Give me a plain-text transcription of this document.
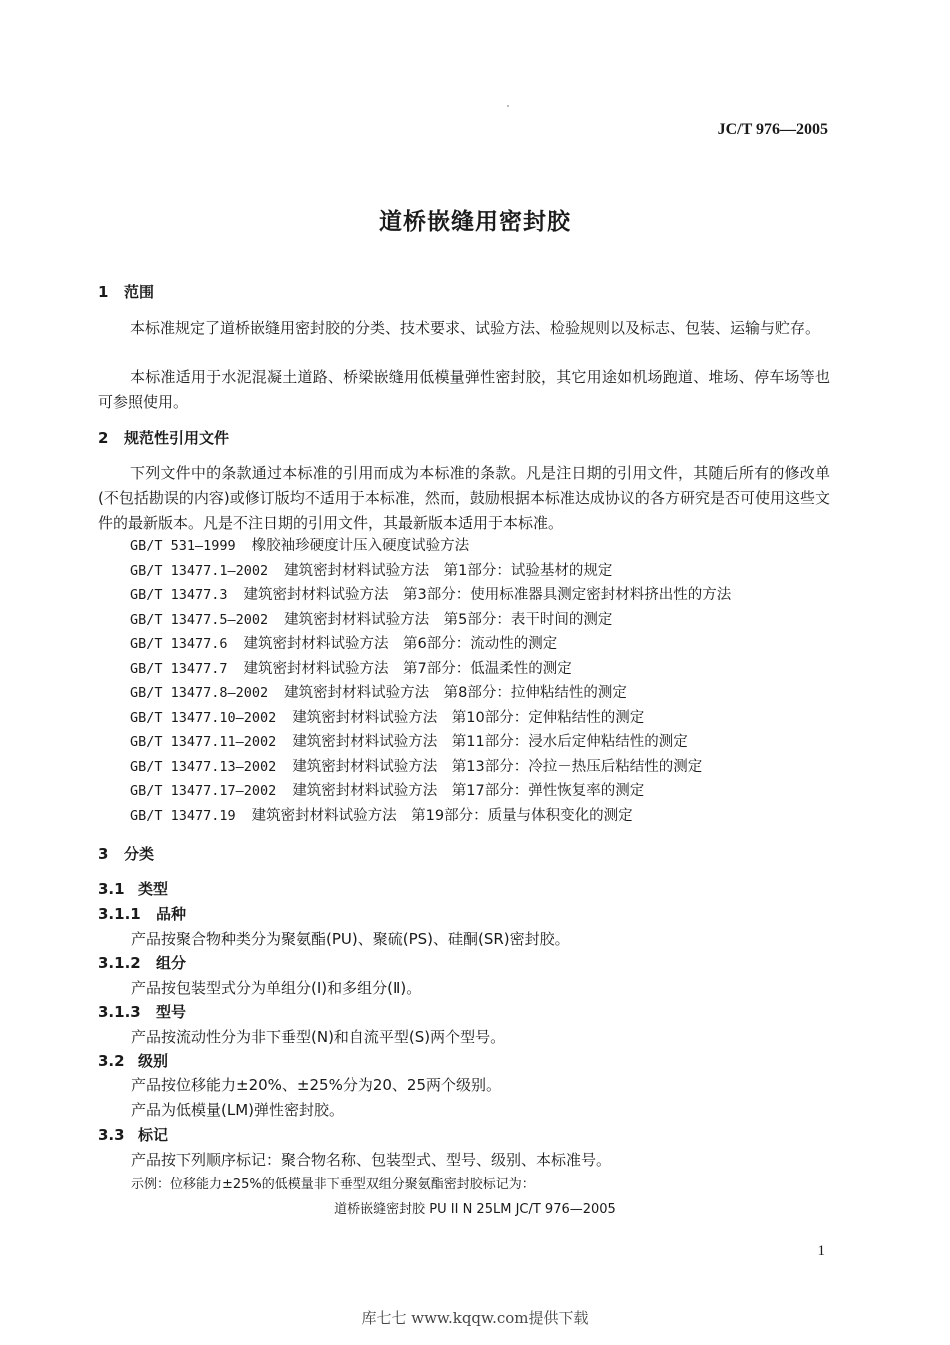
JC/T 976—2005
道桥嵌缝用密封胶
1 范围
本标准规定了道桥嵌缝用密封胶的分类、技术要求、试验方法、检验规则以及标志、包装、运输与贮存。
本标准适用于水泥混凝土道路、桥梁嵌缝用低模量弹性密封胶，其它用途如机场跑道、堆场、停车场等也可参照使用。
2 规范性引用文件
下列文件中的条款通过本标准的引用而成为本标准的条款。凡是注日期的引用文件，其随后所有的修改单(不包括勘误的内容)或修订版均不适用于本标准，然而，鼓励根据本标准达成协议的各方研究是否可使用这些文件的最新版本。凡是不注日期的引用文件，其最新版本适用于本标准。
GB/T 531—1999 橡胶袖珍硬度计压入硬度试验方法
GB/T 13477.1—2002 建筑密封材料试验方法　第1部分：试验基材的规定
GB/T 13477.3 建筑密封材料试验方法　第3部分：使用标准器具测定密封材料挤出性的方法
GB/T 13477.5—2002 建筑密封材料试验方法　第5部分：表干时间的测定
GB/T 13477.6 建筑密封材料试验方法　第6部分：流动性的测定
GB/T 13477.7 建筑密封材料试验方法　第7部分：低温柔性的测定
GB/T 13477.8—2002 建筑密封材料试验方法　第8部分：拉伸粘结性的测定
GB/T 13477.10—2002 建筑密封材料试验方法　第10部分：定伸粘结性的测定
GB/T 13477.11—2002 建筑密封材料试验方法　第11部分：浸水后定伸粘结性的测定
GB/T 13477.13—2002 建筑密封材料试验方法　第13部分：冷拉－热压后粘结性的测定
GB/T 13477.17—2002 建筑密封材料试验方法　第17部分：弹性恢复率的测定
GB/T 13477.19 建筑密封材料试验方法　第19部分：质量与体积变化的测定
3 分类
3.1 类型
3.1.1 品种
产品按聚合物种类分为聚氨酯(PU)、聚硫(PS)、硅酮(SR)密封胶。
3.1.2 组分
产品按包装型式分为单组分(I)和多组分(Ⅱ)。
3.1.3 型号
产品按流动性分为非下垂型(N)和自流平型(S)两个型号。
3.2 级别
产品按位移能力±20%、±25%分为20、25两个级别。
产品为低模量(LM)弹性密封胶。
3.3 标记
产品按下列顺序标记：聚合物名称、包装型式、型号、级别、本标准号。
示例：位移能力±25%的低模量非下垂型双组分聚氨酯密封胶标记为：
道桥嵌缝密封胶 PU II N 25LM JC/T 976—2005
1
库七七 www.kqqw.com提供下载
